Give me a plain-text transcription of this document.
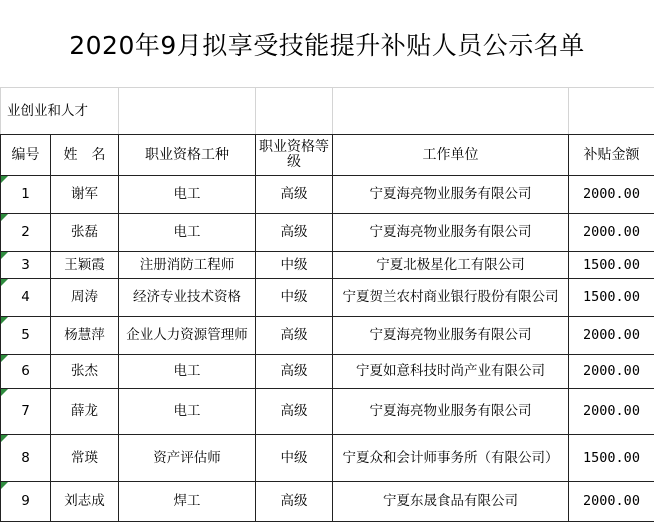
2020年9月拟享受技能提升补贴人员公示名单
业创业和人才					
编号	姓　名	职业资格工种	职业资格等级	工作单位	补贴金额
1	谢军	电工	高级	宁夏海亮物业服务有限公司	2000.00
2	张磊	电工	高级	宁夏海亮物业服务有限公司	2000.00
3	王颖霞	注册消防工程师	中级	宁夏北极星化工有限公司	1500.00
4	周涛	经济专业技术资格	中级	宁夏贺兰农村商业银行股份有限公司	1500.00
5	杨慧萍	企业人力资源管理师	高级	宁夏海亮物业服务有限公司	2000.00
6	张杰	电工	高级	宁夏如意科技时尚产业有限公司	2000.00
7	薛龙	电工	高级	宁夏海亮物业服务有限公司	2000.00
8	常瑛	资产评估师	中级	宁夏众和会计师事务所（有限公司）	1500.00
9	刘志成	焊工	高级	宁夏东晟食品有限公司	2000.00
